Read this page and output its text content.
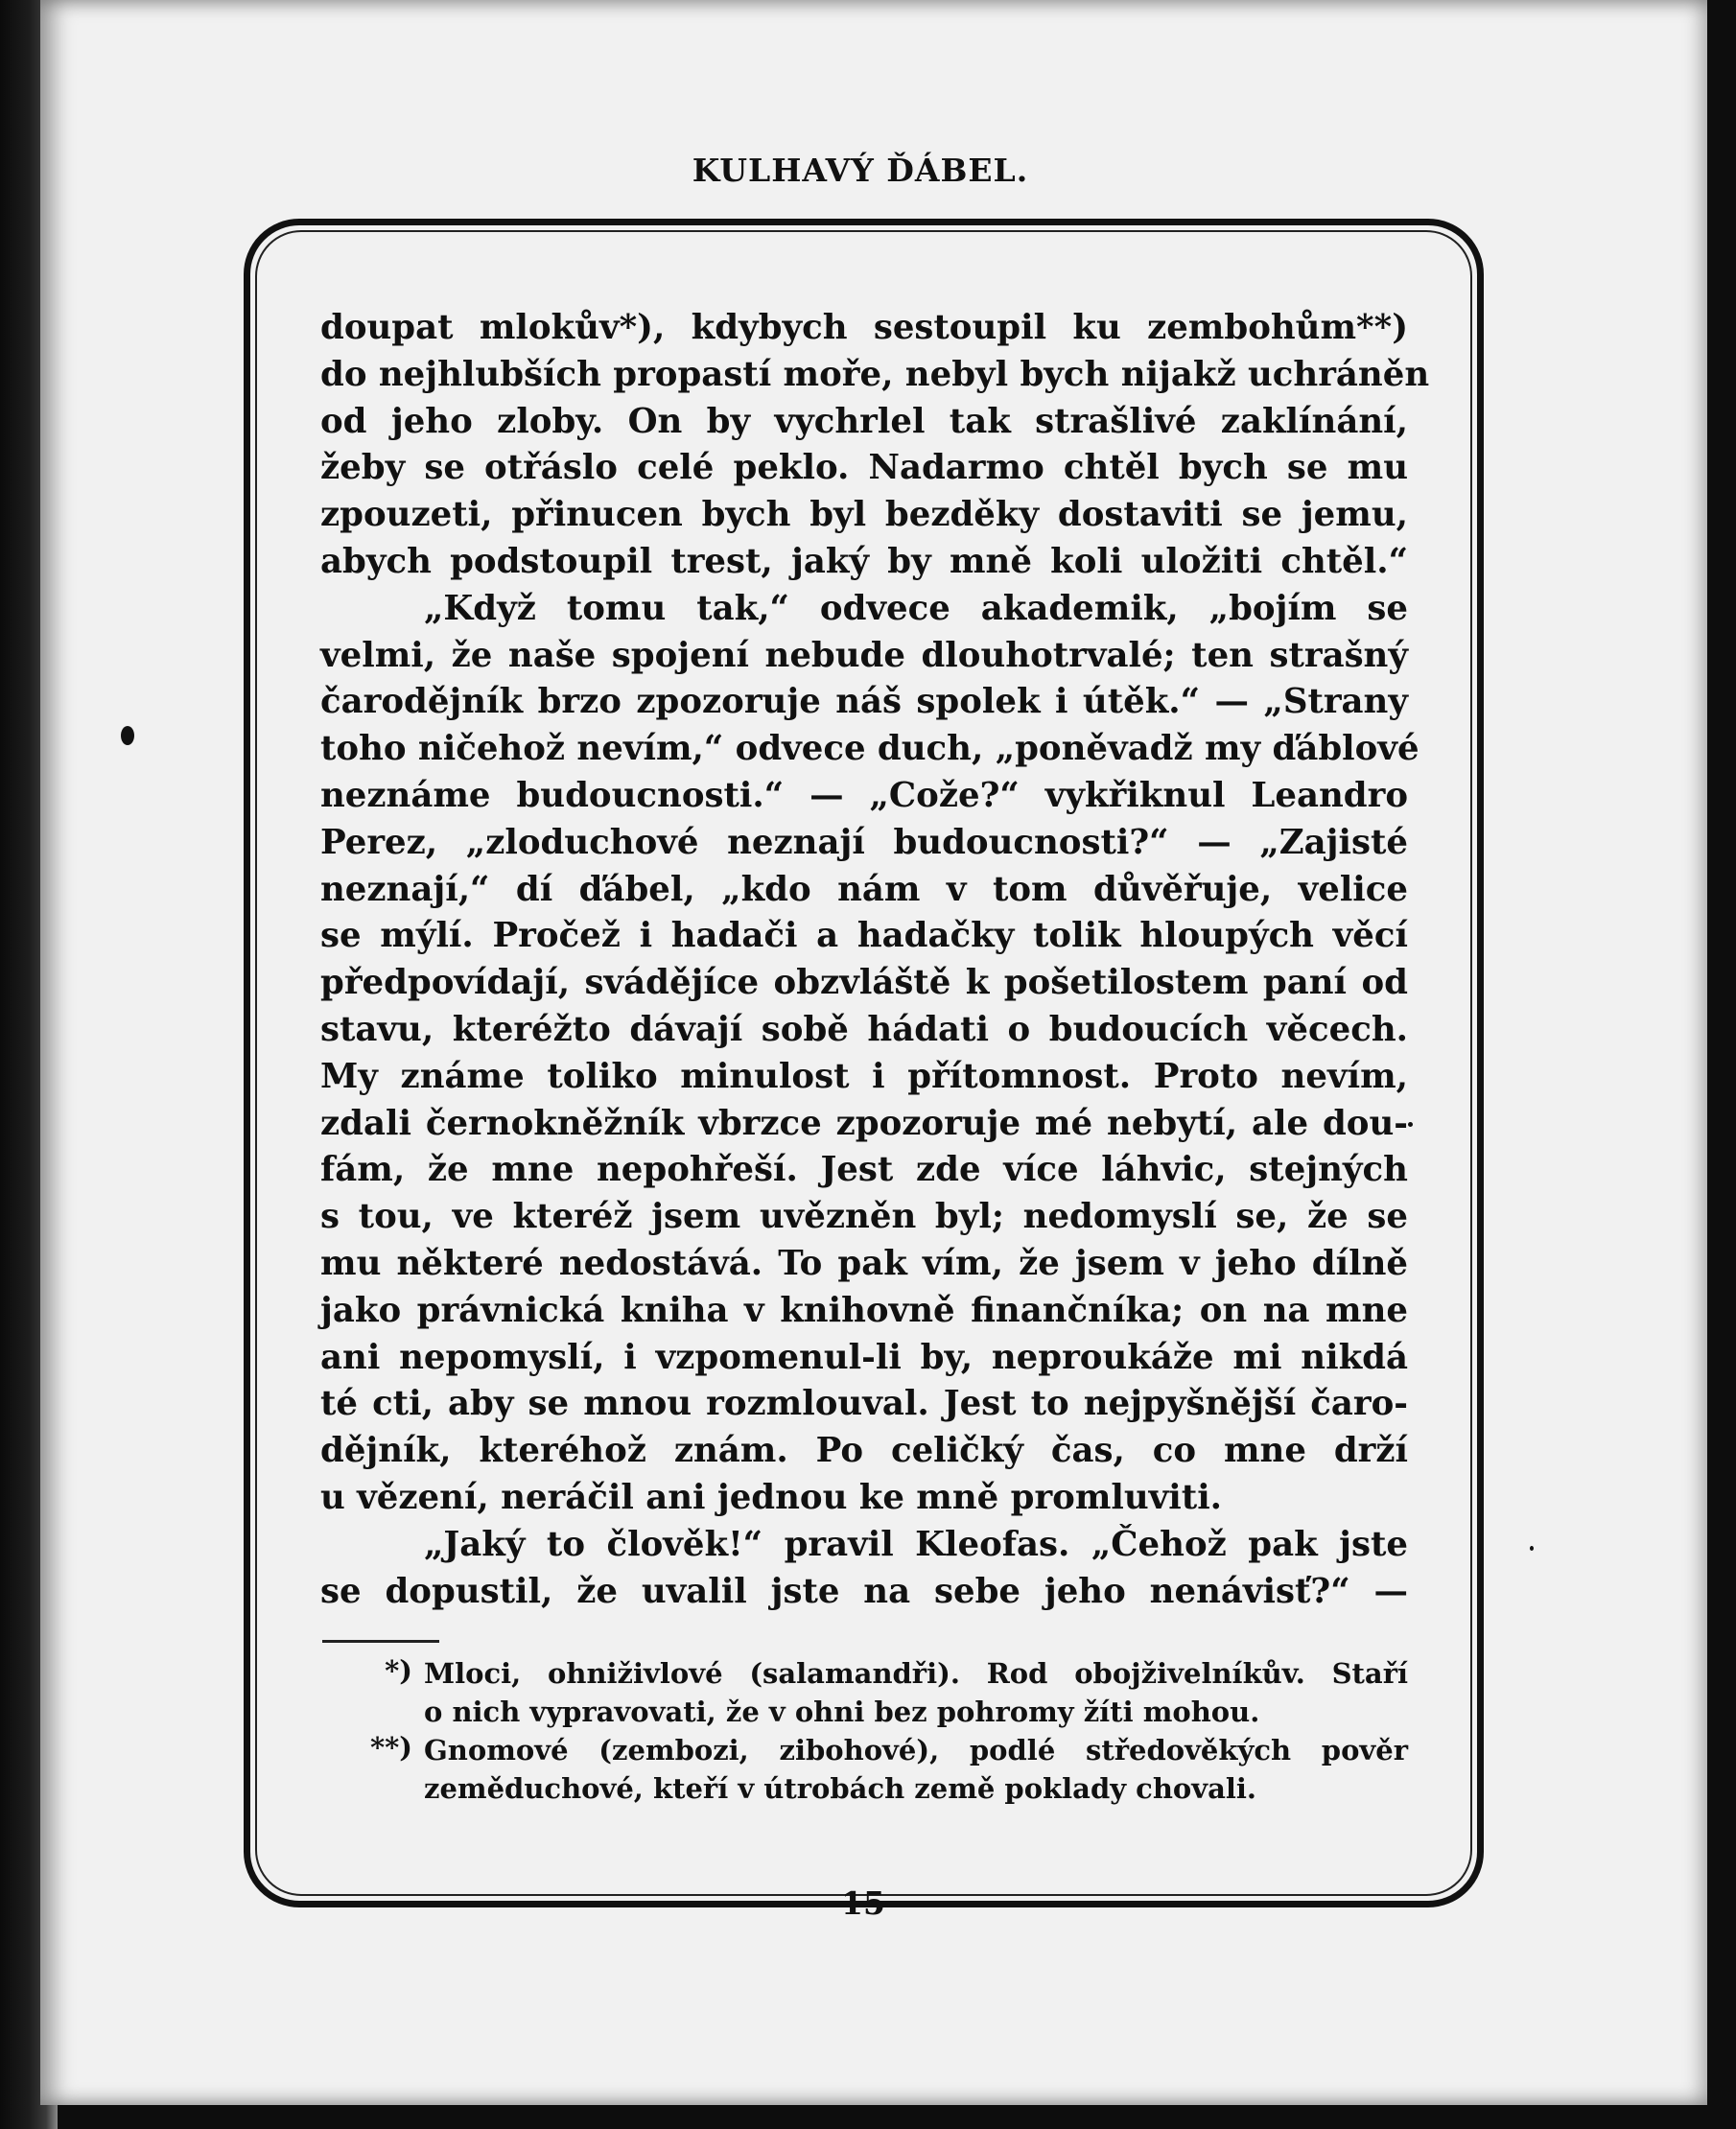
KULHAVÝ ĎÁBEL.
doupat mlokův*), kdybych sestoupil ku zembohům**)
do nejhlubších propastí moře, nebyl bych nijakž uchráněn
od jeho zloby. On by vychrlel tak strašlivé zaklínání,
žeby se otřáslo celé peklo. Nadarmo chtěl bych se mu
zpouzeti, přinucen bych byl bezděky dostaviti se jemu,
abych podstoupil trest, jaký by mně koli uložiti chtěl.“
„Když tomu tak,“ odvece akademik, „bojím se
velmi, že naše spojení nebude dlouhotrvalé; ten strašný
čarodějník brzo zpozoruje náš spolek i útěk.“ — „Strany
toho ničehož nevím,“ odvece duch, „poněvadž my ďáblové
neznáme budoucnosti.“ — „Cože?“ vykřiknul Leandro
Perez, „zloduchové neznají budoucnosti?“ — „Zajisté
neznají,“ dí ďábel, „kdo nám v tom důvěřuje, velice
se mýlí. Pročež i hadači a hadačky tolik hloupých věcí
předpovídají, svádějíce obzvláště k pošetilostem paní od
stavu, kteréžto dávají sobě hádati o budoucích věcech.
My známe toliko minulost i přítomnost. Proto nevím,
zdali černokněžník vbrzce zpozoruje mé nebytí, ale dou-
fám, že mne nepohřeší. Jest zde více láhvic, stejných
s tou, ve kteréž jsem uvězněn byl; nedomyslí se, že se
mu některé nedostává. To pak vím, že jsem v jeho dílně
jako právnická kniha v knihovně finančníka; on na mne
ani nepomyslí, i vzpomenul-li by, neproukáže mi nikdá
té cti, aby se mnou rozmlouval. Jest to nejpyšnější čaro-
dějník, kteréhož znám. Po celičký čas, co mne drží
u vězení, neráčil ani jednou ke mně promluviti.
„Jaký to člověk!“ pravil Kleofas. „Čehož pak jste
se dopustil, že uvalil jste na sebe jeho nenávisť?“ —
*) Mloci, ohniživlové (salamandři). Rod obojživelníkův. Staří
o nich vypravovati, že v ohni bez pohromy žíti mohou.
**) Gnomové (zembozi, zibohové), podlé středověkých pověr
zeměduchové, kteří v útrobách země poklady chovali.
15
